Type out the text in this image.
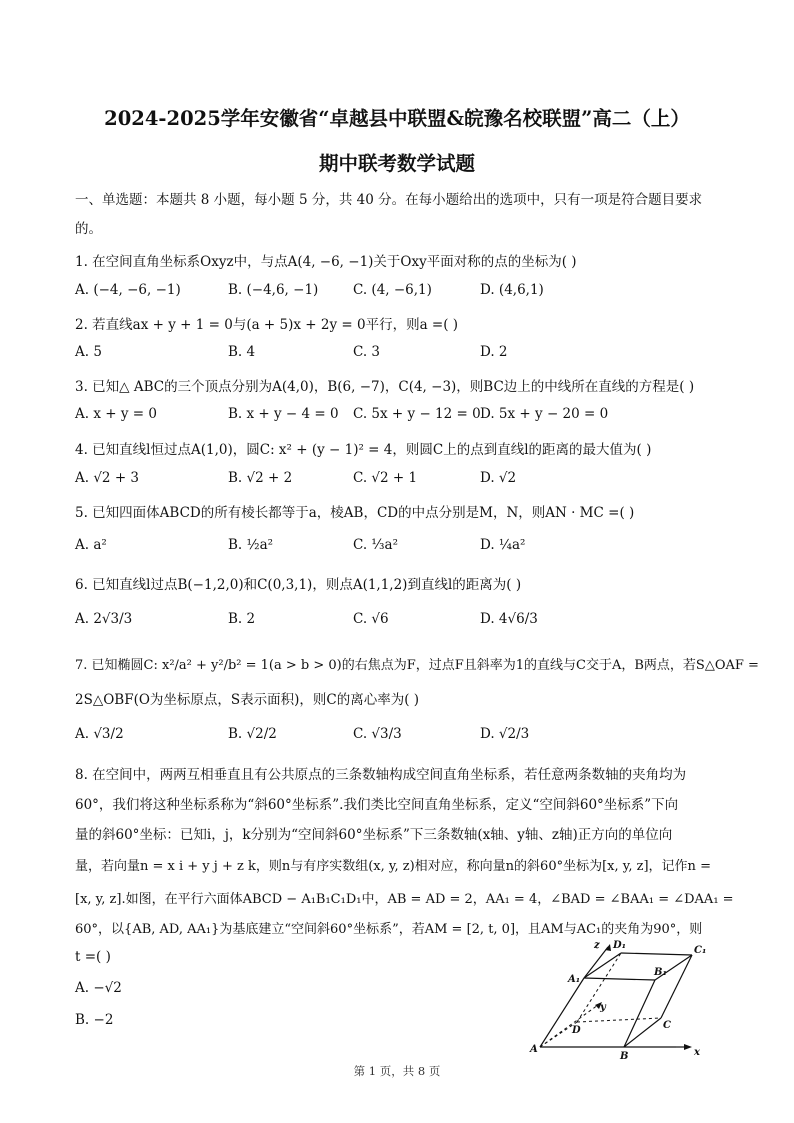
2024-2025学年安徽省“卓越县中联盟&皖豫名校联盟”高二（上）
期中联考数学试题
一、单选题：本题共 8 小题，每小题 5 分，共 40 分。在每小题给出的选项中，只有一项是符合题目要求
的。
1. 在空间直角坐标系Oxyz中，与点A(4, −6, −1)关于Oxy平面对称的点的坐标为( )
A. (−4, −6, −1)	B. (−4,6, −1)	C. (4, −6,1)	D. (4,6,1)
2. 若直线ax + y + 1 = 0与(a + 5)x + 2y = 0平行，则a =( )
A. 5	B. 4	C. 3	D. 2
3. 已知△ ABC的三个顶点分别为A(4,0)，B(6, −7)，C(4, −3)，则BC边上的中线所在直线的方程是( )
A. x + y = 0	B. x + y − 4 = 0 C. 5x + y − 12 = 0 D. 5x + y − 20 = 0
4. 已知直线l恒过点A(1,0)，圆C: x² + (y − 1)² = 4，则圆C上的点到直线l的距离的最大值为( )
A. √2 + 3	B. √2 + 2	C. √2 + 1	D. √2
5. 已知四面体ABCD的所有棱长都等于a，棱AB，CD的中点分别是M，N，则AN · MC =( )
A. a²	B. ½a²	C. ⅓a²	D. ¼a²
6. 已知直线l过点B(−1,2,0)和C(0,3,1)，则点A(1,1,2)到直线l的距离为( )
A. 2√3/3	B. 2	C. √6	D. 4√6/3
7. 已知椭圆C: x²/a² + y²/b² = 1(a > b > 0)的右焦点为F，过点F且斜率为1的直线与C交于A，B两点，若S△OAF =
2S△OBF(O为坐标原点，S表示面积)，则C的离心率为( )
A. √3/2	B. √2/2	C. √3/3	D. √2/3
8. 在空间中，两两互相垂直且有公共原点的三条数轴构成空间直角坐标系，若任意两条数轴的夹角均为
60°，我们将这种坐标系称为“斜60°坐标系”.我们类比空间直角坐标系，定义“空间斜60°坐标系”下向
量的斜60°坐标：已知i，j，k分别为“空间斜60°坐标系”下三条数轴(x轴、y轴、z轴)正方向的单位向
量，若向量n = x i + y j + z k，则n与有序实数组(x, y, z)相对应，称向量n的斜60°坐标为[x, y, z]，记作n =
[x, y, z].如图，在平行六面体ABCD − A₁B₁C₁D₁中，AB = AD = 2，AA₁ = 4，∠BAD = ∠BAA₁ = ∠DAA₁ =
60°，以{AB, AD, AA₁}为基底建立“空间斜60°坐标系”，若AM = [2, t, 0]，且AM与AC₁的夹角为90°，则
t =( )
A. −√2
B. −2
z D₁	C₁
A₁
B₁
y
D	C
A
B	x
第 1 页，共 8 页
